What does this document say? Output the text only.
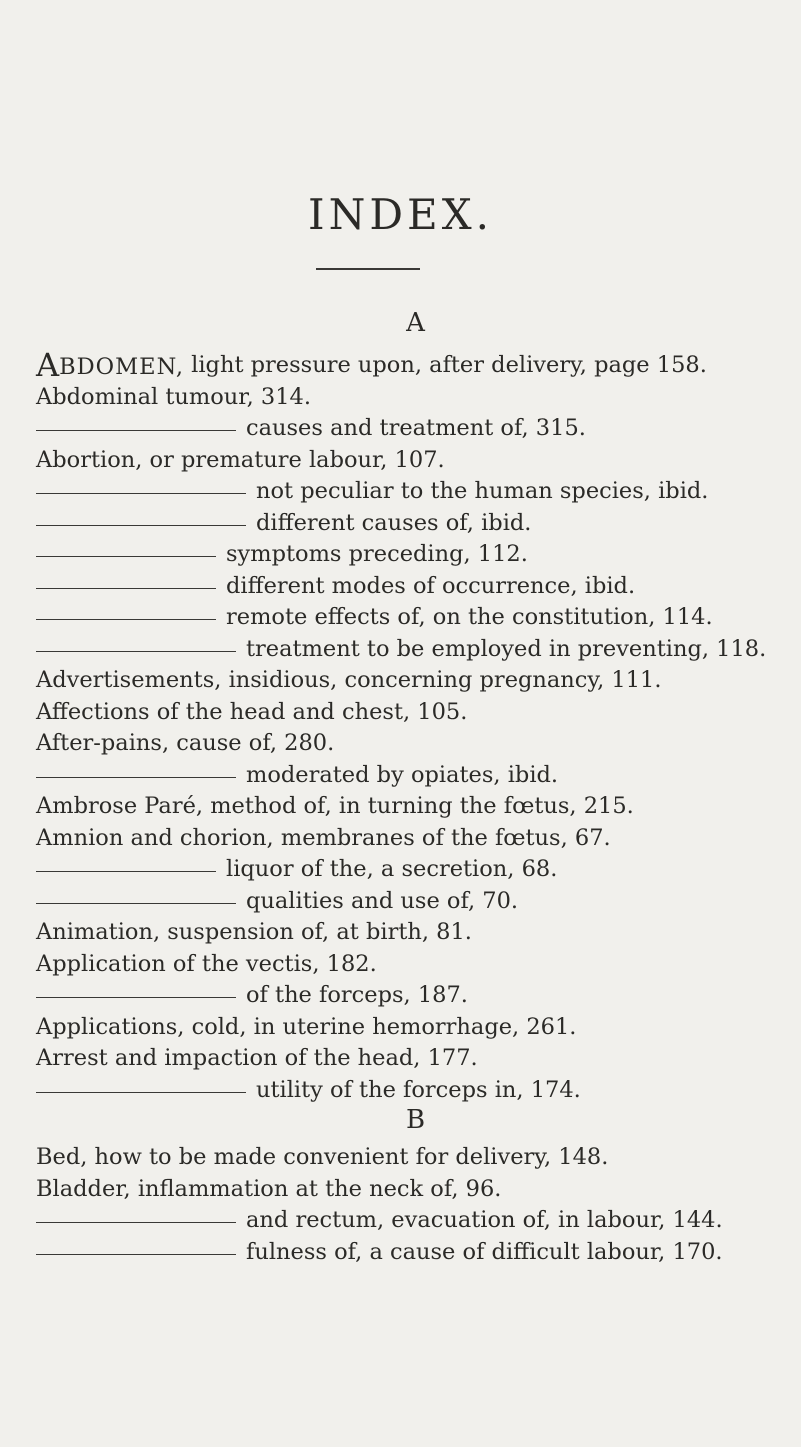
INDEX.
A
ABDOMEN,
light pressure upon, after delivery, page 158.
Abdominal tumour, 314.
causes and treatment of, 315.
Abortion, or premature labour, 107.
not peculiar to the human species, ibid.
different causes of, ibid.
symptoms preceding, 112.
different modes of occurrence, ibid.
remote effects of, on the constitution, 114.
treatment to be employed in preventing, 118.
Advertisements, insidious, concerning pregnancy, 111.
Affections of the head and chest, 105.
After-pains, cause of, 280.
moderated by opiates, ibid.
Ambrose Paré, method of, in turning the fœtus, 215.
Amnion and chorion, membranes of the fœtus, 67.
liquor of the, a secretion, 68.
qualities and use of, 70.
Animation, suspension of, at birth, 81.
Application of the vectis, 182.
of the forceps, 187.
Applications, cold, in uterine hemorrhage, 261.
Arrest and impaction of the head, 177.
utility of the forceps in, 174.
B
Bed, how to be made convenient for delivery, 148.
Bladder, inflammation at the neck of, 96.
and rectum, evacuation of, in labour, 144.
fulness of, a cause of difficult labour, 170.
